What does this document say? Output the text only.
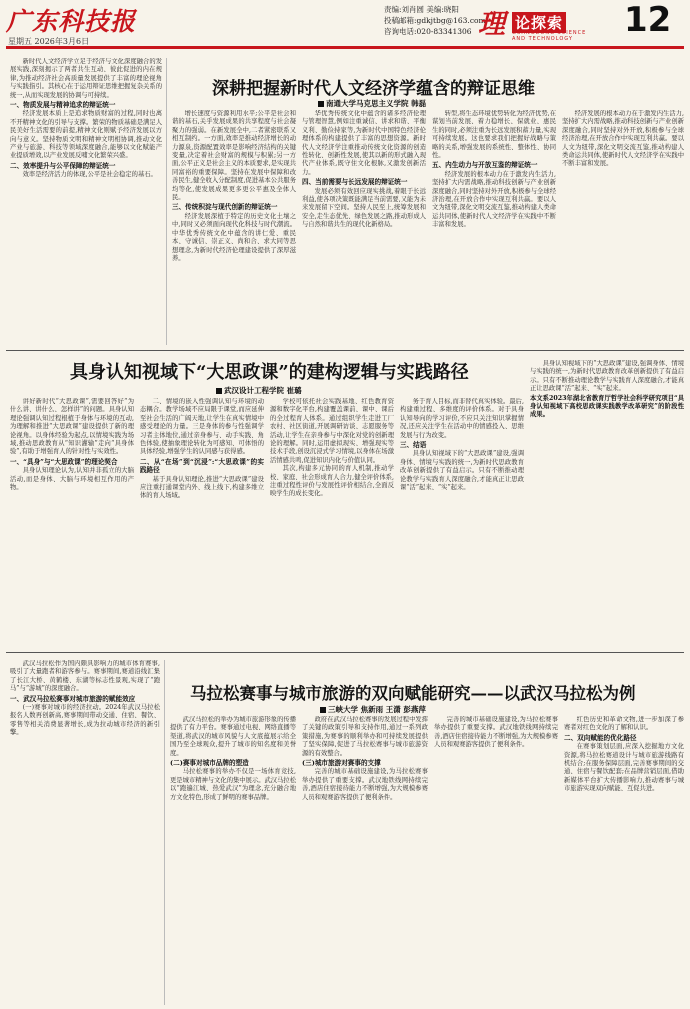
广东科技报
星期五 2026年3月6日
责编:刘肖圆 美编:晓阳
投稿邮箱:gdkjtbg@163.com
咨询电话:020-83341306 理 论探索
GUANGDONG SCIENCE AND TECHNOLOGY	12

新时代人文经济学立足于经济与文化深度融合的发展实践,深刻揭示了两者共生互动、彼此促进的内在规律,为推动经济社会高质量发展提供了丰富的理论视角与实践指引。其核心在于运用辩证思维把握复杂关系的统一,从而实现发展的协调与可持续。

一、物质发展与精神追求的辩证统一

经济发展本质上是追求物质财富的过程,同时也离不开精神文化的引导与支撑。繁荣的物质基础是满足人民美好生活需要的前提,精神文化则赋予经济发展以方向与意义。坚持物质文明和精神文明相协调,推动文化产业与旅游、科技等领域深度融合,能够以文化赋能产业提质增效,以产业发展反哺文化繁荣兴盛。

二、效率提升与公平保障的辩证统一

效率是经济活力的体现,公平是社会稳定的基石。

深耕把握新时代人文经济学蕴含的辩证思维
南通大学马克思主义学院 韩磊

增长速度与资源利用水平;公平是社会和谐的基石,关乎发展成果的共享程度与社会凝聚力的强弱。在新发展全中,二者紧密联系又相互制约。一方面,效率是推动经济增长的动力源泉,资源配置效率是影响经济结构的关键变量,决定着社会财富的规模与积累;另一方面,公平正义是社会主义的本质要求,是实现共同富裕的重要保障。坚持在发展中保障和改善民生,健全收入分配制度,促进基本公共服务均等化,使发展成果更多更公平惠及全体人民。

三、传统积淀与现代创新的辩证统一

经济发展深植于特定的历史文化土壤之中,同时又必须面向现代化科技与时代潮流。中华优秀传统文化中蕴含的讲仁爱、重民本、守诚信、崇正义、尚和合、求大同等思想理念,为新时代经济伦理建设提供了深厚滋养。

华优秀传统文化中蕴含的诸多经济伦理与管理智慧,例如注重诚信、讲求和谐、平衡义利、勤俭持家等,为新时代中国特色经济伦理体系的构建提供了丰富的思想资源。新时代人文经济学注重推动传统文化资源的创造性转化、创新性发展,使其以新的形式融入现代产业体系,既守住文化根脉,又激发创新活力。

四、当前需要与长远发展的辩证统一

发展必须有效回应现实挑战,着眼于长远利益,使各项决策既能满足当前需要,又能为未来发展留下空间。坚持人民至上,统筹发展和安全,走生态优先、绿色发展之路,推动形成人与自然和谐共生的现代化新格局。

转型,将生态环境优势转化为经济优势,在谋划当前发展、着力稳增长、保就业、惠民生的同时,必须注重为长远发展积蓄力量,实现可持续发展。这也要求我们把握好战略与策略的关系,增强发展的系统性、整体性、协同性。

五、内生动力与开放互鉴的辩证统一

经济发展的根本动力在于激发内生活力,坚持扩大内需战略,推动科技创新与产业创新深度融合,同时坚持对外开放,积极参与全球经济治理,在开放合作中实现互利共赢。要以人文为纽带,深化文明交流互鉴,推动构建人类命运共同体,使新时代人文经济学在实践中不断丰富和发展。

经济发展的根本动力在于激发内生活力,坚持扩大内需战略,推动科技创新与产业创新深度融合,同时坚持对外开放,积极参与全球经济治理,在开放合作中实现互利共赢。要以人文为纽带,深化文明交流互鉴,推动构建人类命运共同体,使新时代人文经济学在实践中不断丰富和发展。

具身认知视域下“大思政课”的建构逻辑与实践路径
武汉设计工程学院 崔璐

讲好新时代“大思政课”,需要回答好“为什么讲、讲什么、怎样讲”的问题。具身认知理论强调认知过程根植于身体与环境的互动,为理解和推进“大思政课”建设提供了新的理论视角。以身体经验为起点,以情境实践为场域,推动思政教育从“知识灌输”走向“具身体验”,有助于增强育人的针对性与实效性。

一、“具身”与“大思政课”的理论契合

具身认知理论认为,认知并非孤立的大脑活动,而是身体、大脑与环境相互作用的产物。

二、情境的嵌入性强调认知与环境的动态耦合。教学场域不应局限于课堂,而应延伸至社会生活的广阔天地,让学生在真实情境中感受理论的力量。三是身体的参与性强调学习者主体地位,通过亲身参与、动手实践、角色体验,使抽象理论转化为可感知、可体悟的具体经验,增强学生的认同感与获得感。

二、从“在场”到“沉浸”:“大思政课”的实践路径

基于具身认知理论,推进“大思政课”建设应注重打通课堂内外、线上线下,构建多维立体的育人场域。

学校可依托社会实践基地、红色教育资源和数字化平台,构建覆盖课前、课中、课后的全过程育人体系。通过组织学生走进工厂农村、社区街道,开展调研访谈、志愿服务等活动,让学生在亲身参与中深化对党的创新理论的理解。同时,运用虚拟现实、增强现实等技术手段,创设沉浸式学习情境,以身体在场激活情感共鸣,促进知识内化与价值认同。

其次,构建多元协同的育人机制,推动学校、家庭、社会形成育人合力,健全评价体系,注重过程性评价与发展性评价相结合,全面反映学生的成长变化。

务于育人目标,而非替代真实体验。最后,构建重过程、多维度的评价体系。对于具身认知导向的学习评价,不应只关注知识掌握情况,还应关注学生在活动中的情感投入、思维发展与行为改变。

三、结语

具身认知视域下的“大思政课”建设,强调身体、情境与实践的统一,为新时代思政教育改革创新提供了有益启示。只有不断推动理论教学与实践育人深度融合,才能真正让思政课“活”起来、“实”起来。

具身认知视域下的“大思政课”建设,强调身体、情境与实践的统一,为新时代思政教育改革创新提供了有益启示。只有不断推动理论教学与实践育人深度融合,才能真正让思政课“活”起来、“实”起来。

本文系2023年湖北省教育厅哲学社会科学研究项目“具身认知视域下高校思政课实践教学改革研究”的阶段性成果。

武汉马拉松作为国内颇具影响力的城市体育赛事,吸引了大量跑者和游客参与。赛事期间,赛道沿线汇集了长江大桥、黄鹤楼、东湖等标志性景观,实现了“跑马”与“游城”的深度融合。

一、武汉马拉松赛事对城市旅游的赋能效应

(一)赛事对城市的经济拉动。2024年武汉马拉松报名人数再创新高,赛事期间带动交通、住宿、餐饮、零售等相关消费显著增长,成为拉动城市经济的新引擎。

马拉松赛事与城市旅游的双向赋能研究——以武汉马拉松为例
三峡大学 焦新雨 王潇 彭燕萍

武汉马拉松的举办为城市旅游形象的传播提供了有力平台。赛事通过电视、网络直播等渠道,将武汉的城市风貌与人文底蕴展示给全国乃至全球观众,提升了城市的知名度和美誉度。

(二)赛事对城市品牌的塑造

马拉松赛事的举办不仅是一场体育竞技,更是城市精神与文化的集中展示。武汉马拉松以“跑遍江城、热爱武汉”为理念,充分融合地方文化特色,形成了鲜明的赛事品牌。

政府在武汉马拉松赛事的发展过程中发挥了关键的政策引导和支持作用,通过一系列政策措施,为赛事的顺利举办和可持续发展提供了坚实保障,促进了马拉松赛事与城市旅游资源的有效整合。

(三)城市旅游对赛事的支撑

完善的城市基础设施建设,为马拉松赛事举办提供了重要支撑。武汉地铁线网持续完善,酒店住宿接待能力不断增强,为大规模参赛人员和观赛游客提供了便利条件。

完善的城市基础设施建设,为马拉松赛事举办提供了重要支撑。武汉地铁线网持续完善,酒店住宿接待能力不断增强,为大规模参赛人员和观赛游客提供了便利条件。

红色历史和革命文物,进一步加深了参赛者对红色文化的了解和认识。

二、双向赋能的优化路径

在赛事策划层面,应深入挖掘地方文化资源,将马拉松赛道设计与城市旅游线路有机结合;在服务保障层面,完善赛事期间的交通、住宿与餐饮配套;在品牌营销层面,借助新媒体平台扩大传播影响力,推动赛事与城市旅游实现双向赋能、互促共进。
